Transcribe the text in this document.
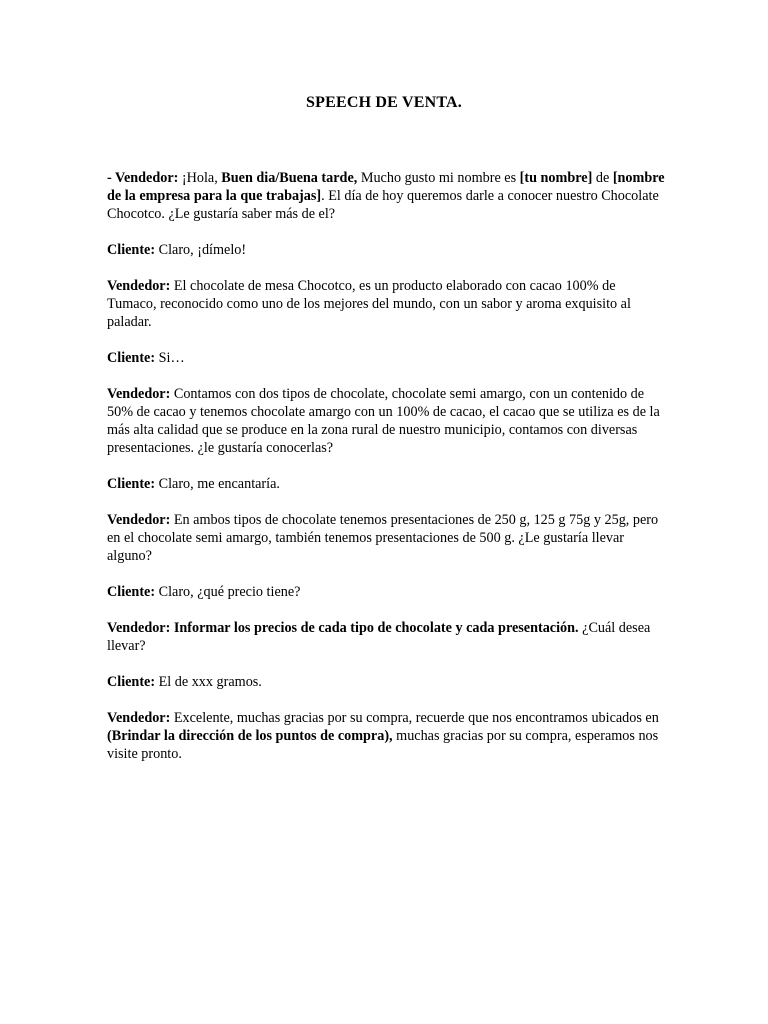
SPEECH DE VENTA.

- Vendedor: ¡Hola, Buen dia/Buena tarde, Mucho gusto mi nombre es [tu nombre] de [nombre de la empresa para la que trabajas]. El día de hoy queremos darle a conocer nuestro Chocolate Chocotco. ¿Le gustaría saber más de el?

Cliente: Claro, ¡dímelo!

Vendedor: El chocolate de mesa Chocotco, es un producto elaborado con cacao 100% de Tumaco, reconocido como uno de los mejores del mundo, con un sabor y aroma exquisito al paladar.

Cliente: Si…

Vendedor: Contamos con dos tipos de chocolate, chocolate semi amargo, con un contenido de 50% de cacao y tenemos chocolate amargo con un 100% de cacao, el cacao que se utiliza es de la más alta calidad que se produce en la zona rural de nuestro municipio, contamos con diversas presentaciones. ¿le gustaría conocerlas?

Cliente: Claro, me encantaría.

Vendedor: En ambos tipos de chocolate tenemos presentaciones de 250 g, 125 g 75g y 25g, pero en el chocolate semi amargo, también tenemos presentaciones de 500 g. ¿Le gustaría llevar alguno?

Cliente: Claro, ¿qué precio tiene?

Vendedor: Informar los precios de cada tipo de chocolate y cada presentación. ¿Cuál desea llevar?

Cliente: El de xxx gramos.

Vendedor: Excelente, muchas gracias por su compra, recuerde que nos encontramos ubicados en (Brindar la dirección de los puntos de compra), muchas gracias por su compra, esperamos nos visite pronto.
